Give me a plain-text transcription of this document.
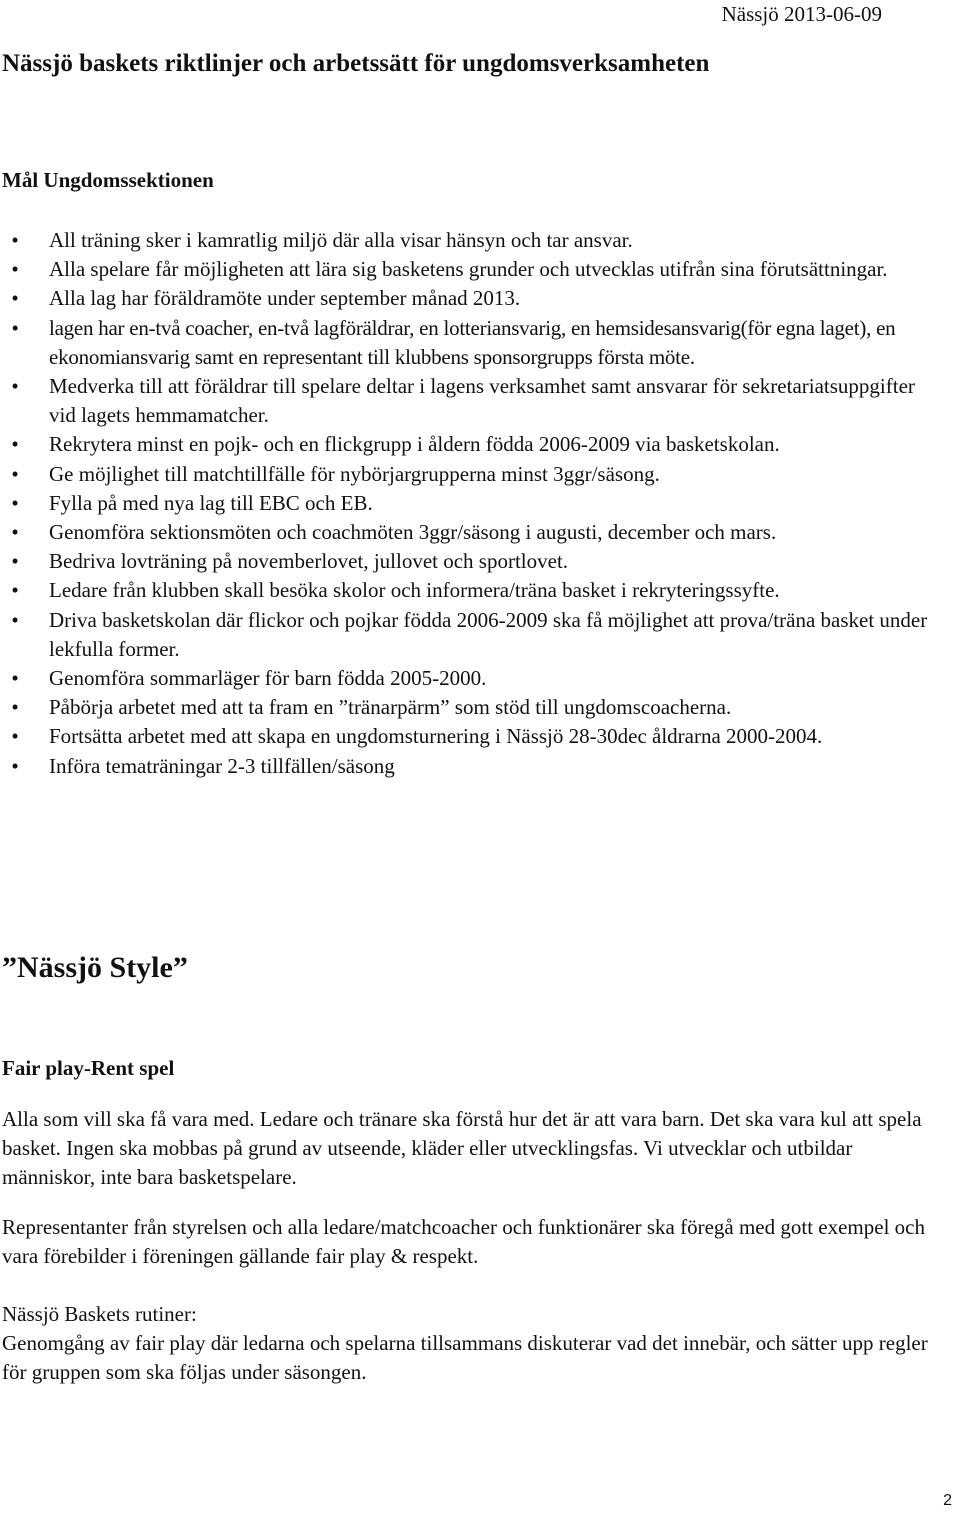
Nässjö 2013-06-09
Nässjö baskets riktlinjer och arbetssätt för ungdomsverksamheten
Mål Ungdomssektionen
• All träning sker i kamratlig miljö där alla visar hänsyn och tar ansvar.
• Alla spelare får möjligheten att lära sig basketens grunder och utvecklas utifrån sina förutsättningar.
• Alla lag har föräldramöte under september månad 2013.
• lagen har en-två coacher, en-två lagföräldrar, en lotteriansvarig, en hemsidesansvarig(för egna laget), en ekonomiansvarig samt en representant till klubbens sponsorgrupps första möte.
• Medverka till att föräldrar till spelare deltar i lagens verksamhet samt ansvarar för sekretariatsuppgifter vid lagets hemmamatcher.
• Rekrytera minst en pojk- och en flickgrupp i åldern födda 2006-2009 via basketskolan.
• Ge möjlighet till matchtillfälle för nybörjargrupperna minst 3ggr/säsong.
• Fylla på med nya lag till EBC och EB.
• Genomföra sektionsmöten och coachmöten 3ggr/säsong i augusti, december och mars.
• Bedriva lovträning på novemberlovet, jullovet och sportlovet.
• Ledare från klubben skall besöka skolor och informera/träna basket i rekryteringssyfte.
• Driva basketskolan där flickor och pojkar födda 2006-2009 ska få möjlighet att prova/träna basket under lekfulla former.
• Genomföra sommarläger för barn födda 2005-2000.
• Påbörja arbetet med att ta fram en ”tränarpärm” som stöd till ungdomscoacherna.
• Fortsätta arbetet med att skapa en ungdomsturnering i Nässjö 28-30dec åldrarna 2000-2004.
• Införa tematräningar 2-3 tillfällen/säsong
”Nässjö Style”
Fair play-Rent spel

Alla som vill ska få vara med. Ledare och tränare ska förstå hur det är att vara barn. Det ska vara kul att spela basket. Ingen ska mobbas på grund av utseende, kläder eller utvecklingsfas. Vi utvecklar och utbildar människor, inte bara basketspelare.

Representanter från styrelsen och alla ledare/matchcoacher och funktionärer ska föregå med gott exempel och vara förebilder i föreningen gällande fair play & respekt.

Nässjö Baskets rutiner:
Genomgång av fair play där ledarna och spelarna tillsammans diskuterar vad det innebär, och sätter upp regler för gruppen som ska följas under säsongen.
2
